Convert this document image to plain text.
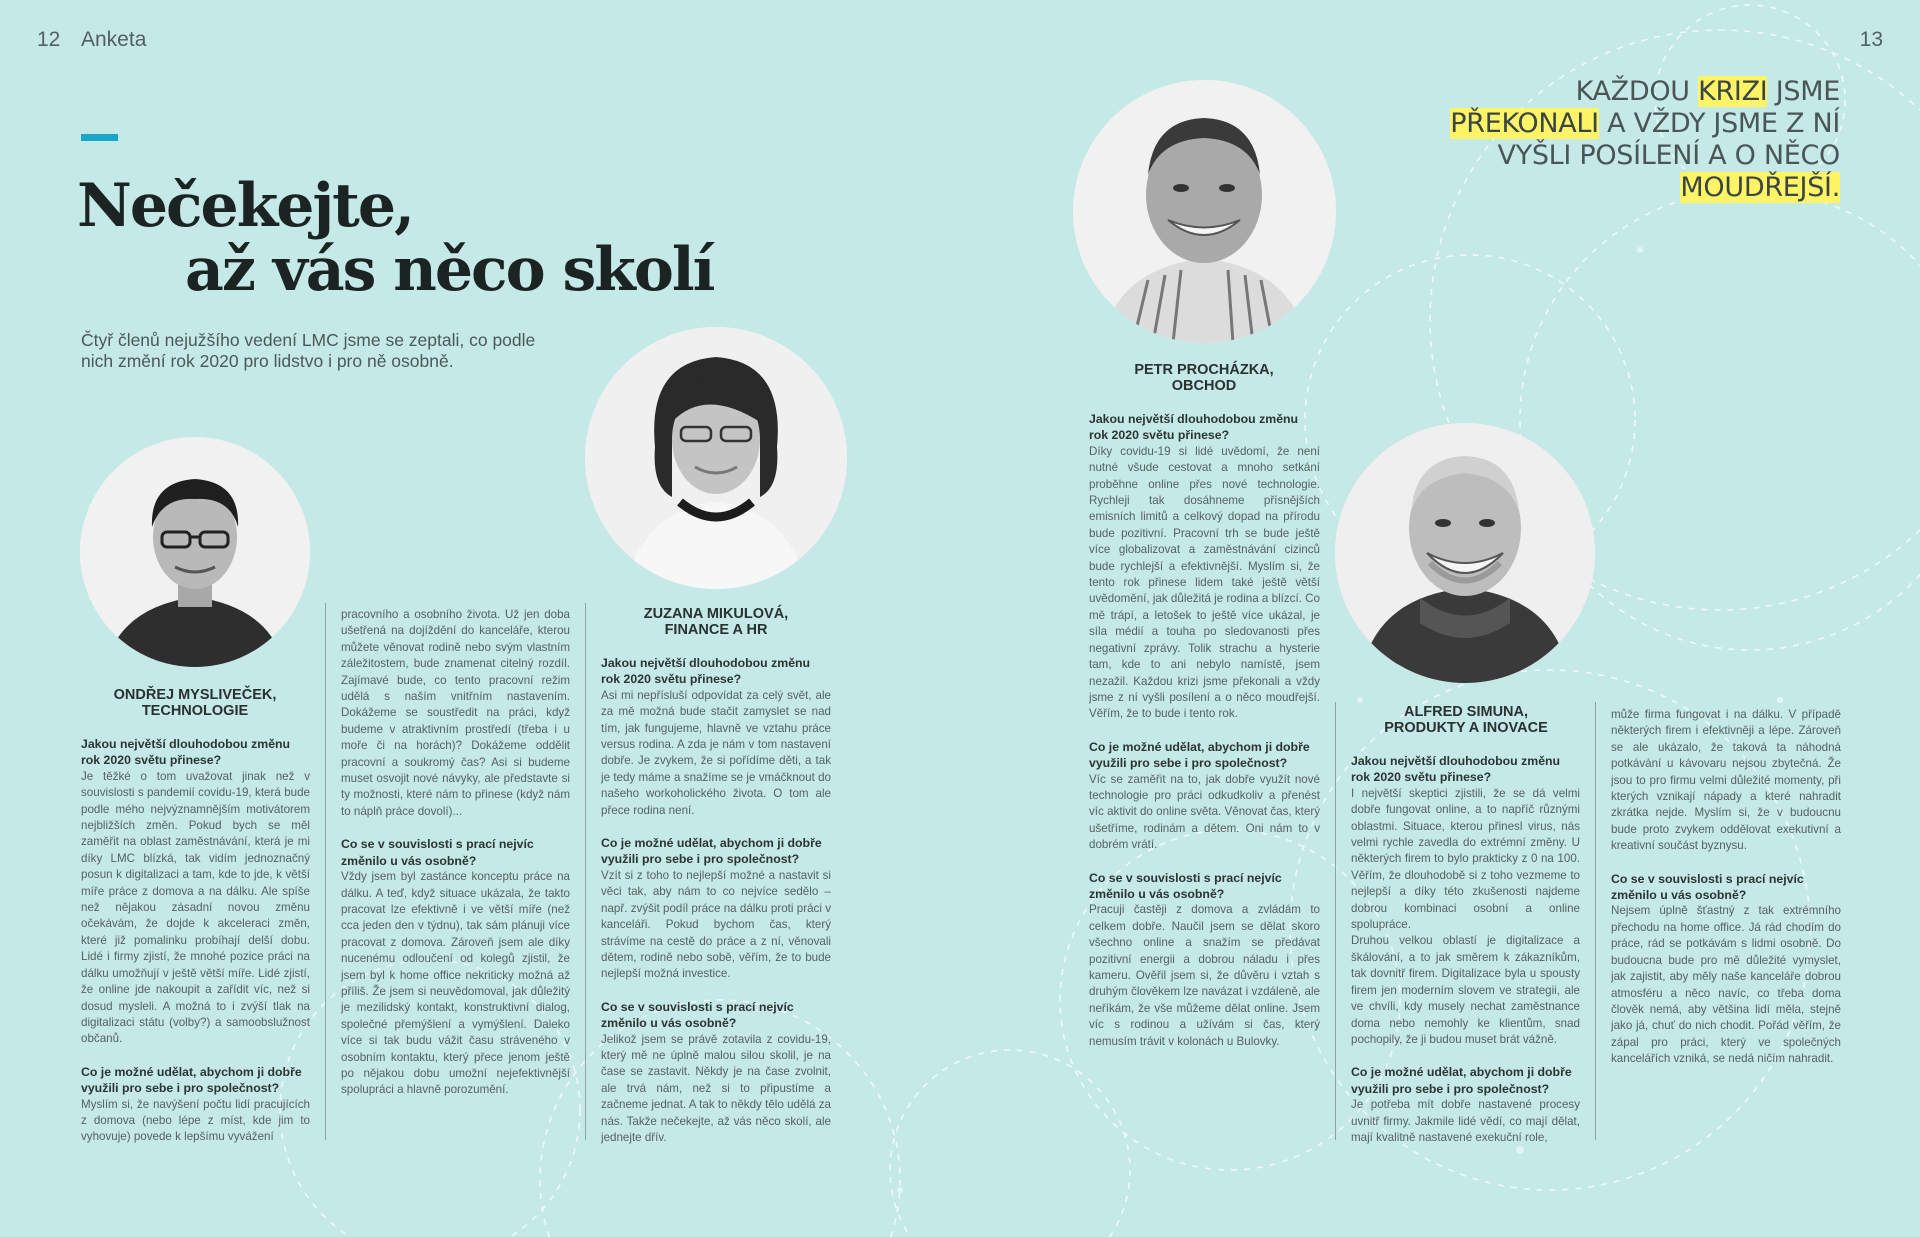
12 Anketa	13
Nečekejte,
až vás něco skolí
Čtyř členů nejužšího vedení LMC jsme se zeptali, co podle
nich změní rok 2020 pro lidstvo i pro ně osobně.
ONDŘEJ MYSLIVEČEK,
TECHNOLOGIE
ZUZANA MIKULOVÁ,
FINANCE A HR
PETR PROCHÁZKA,
OBCHOD
ALFRED SIMUNA,
PRODUKTY A INOVACE

Jakou největší dlouhodobou změnu rok 2020 světu přinese?

Je těžké o tom uvažovat jinak než v souvislosti s pandemií covidu-19, která bude podle mého nejvýznamnějším motivátorem nejbližších změn. Pokud bych se měl zaměřit na oblast zaměstnávání, která je mi díky LMC blízká, tak vidím jednoznačný posun k digitalizaci a tam, kde to jde, k větší míře práce z domova a na dálku. Ale spíše než nějakou zásadní novou změnu očekávám, že dojde k akceleraci změn, které již pomalinku probíhají delší dobu. Lidé i firmy zjistí, že mnohé pozice práci na dálku umožňují v ještě větší míře. Lidé zjistí, že online jde nakoupit a zařídit víc, než si dosud mysleli. A možná to i zvýší tlak na digitalizaci státu (volby?) a samoobslužnost občanů.

Co je možné udělat, abychom ji dobře využili pro sebe i pro společnost?

Myslím si, že navýšení počtu lidí pracujících z domova (nebo lépe z míst, kde jim to vyhovuje) povede k lepšímu vyvážení

pracovního a osobního života. Už jen doba ušetřená na dojíždění do kanceláře, kterou můžete věnovat rodině nebo svým vlastním záležitostem, bude znamenat citelný rozdíl. Zajímavé bude, co tento pracovní režim udělá s naším vnitřním nastavením. Dokážeme se soustředit na práci, když budeme v atraktivním prostředí (třeba i u moře či na horách)? Dokážeme oddělit pracovní a soukromý čas? Asi si budeme muset osvojit nové návyky, ale představte si ty možnosti, které nám to přinese (když nám to náplň práce dovolí)...

Co se v souvislosti s prací nejvíc změnilo u vás osobně?

Vždy jsem byl zastánce konceptu práce na dálku. A teď, když situace ukázala, že takto pracovat lze efektivně i ve větší míře (než cca jeden den v týdnu), tak sám plánuji více pracovat z domova. Zároveň jsem ale díky nucenému odloučení od kolegů zjistil, že jsem byl k home office nekriticky možná až příliš. Že jsem si neuvědomoval, jak důležitý je mezilidský kontakt, konstruktivní dialog, společné přemýšlení a vymýšlení. Daleko více si tak budu vážit času stráveného v osobním kontaktu, který přece jenom ještě po nějakou dobu umožní nejefektivnější spolupráci a hlavně porozumění.

Jakou největší dlouhodobou změnu rok 2020 světu přinese?

Asi mi nepřísluší odpovídat za celý svět, ale za mě možná bude stačit zamyslet se nad tím, jak fungujeme, hlavně ve vztahu práce versus rodina. A zda je nám v tom nastavení dobře. Je zvykem, že si pořídíme děti, a tak je tedy máme a snažíme se je vmáčknout do našeho workoholického života. O tom ale přece rodina není.

Co je možné udělat, abychom ji dobře využili pro sebe i pro společnost?

Vzít si z toho to nejlepší možné a nastavit si věci tak, aby nám to co nejvíce sedělo – např. zvýšit podíl práce na dálku proti práci v kanceláři. Pokud bychom čas, který strávíme na cestě do práce a z ní, věnovali dětem, rodině nebo sobě, věřím, že to bude nejlepší možná investice.

Co se v souvislosti s prací nejvíc změnilo u vás osobně?

Jelikož jsem se právě zotavila z covidu-19, který mě ne úplně malou silou skolil, je na čase se zastavit. Někdy je na čase zvolnit, ale trvá nám, než si to připustíme a začneme jednat. A tak to někdy tělo udělá za nás. Takže nečekejte, až vás něco skolí, ale jednejte dřív.

Jakou největší dlouhodobou změnu rok 2020 světu přinese?

Díky covidu-19 si lidé uvědomí, že není nutné všude cestovat a mnoho setkání proběhne online přes nové technologie. Rychleji tak dosáhneme přísnějších emisních limitů a celkový dopad na přírodu bude pozitivní. Pracovní trh se bude ještě více globalizovat a zaměstnávání cizinců bude rychlejší a efektivnější. Myslím si, že tento rok přinese lidem také ještě větší uvědomění, jak důležitá je rodina a blízcí. Co mě trápí, a letošek to ještě více ukázal, je síla médií a touha po sledovanosti přes negativní zprávy. Tolik strachu a hysterie tam, kde to ani nebylo namístě, jsem nezažil. Každou krizi jsme překonali a vždy jsme z ní vyšli posílení a o něco moudřejší. Věřím, že to bude i tento rok.

Co je možné udělat, abychom ji dobře využili pro sebe i pro společnost?

Víc se zaměřit na to, jak dobře využít nové technologie pro práci odkudkoliv a přenést víc aktivit do online světa. Věnovat čas, který ušetříme, rodinám a dětem. Oni nám to v dobrém vrátí.

Co se v souvislosti s prací nejvíc změnilo u vás osobně?

Pracuji častěji z domova a zvládám to celkem dobře. Naučil jsem se dělat skoro všechno online a snažím se předávat pozitivní energii a dobrou náladu i přes kameru. Ověřil jsem si, že důvěru i vztah s druhým člověkem lze navázat i vzdáleně, ale neříkám, že vše můžeme dělat online. Jsem víc s rodinou a užívám si čas, který nemusím trávit v kolonách u Bulovky.

Jakou největší dlouhodobou změnu rok 2020 světu přinese?

I největší skeptici zjistili, že se dá velmi dobře fungovat online, a to napříč různými oblastmi. Situace, kterou přinesl virus, nás velmi rychle zavedla do extrémní změny. U některých firem to bylo prakticky z 0 na 100. Věřím, že dlouhodobě si z toho vezmeme to nejlepší a díky této zkušenosti najdeme dobrou kombinaci osobní a online spolupráce.

Druhou velkou oblastí je digitalizace a škálování, a to jak směrem k zákazníkům, tak dovnitř firem. Digitalizace byla u spousty firem jen moderním slovem ve strategii, ale ve chvíli, kdy musely nechat zaměstnance doma nebo nemohly ke klientům, snad pochopily, že ji budou muset brát vážně.

Co je možné udělat, abychom ji dobře využili pro sebe i pro společnost?

Je potřeba mít dobře nastavené procesy uvnitř firmy. Jakmile lidé vědí, co mají dělat, mají kvalitně nastavené exekuční role,

může firma fungovat i na dálku. V případě některých firem i efektivněji a lépe. Zároveň se ale ukázalo, že taková ta náhodná potkávání u kávovaru nejsou zbytečná. Že jsou to pro firmu velmi důležité momenty, při kterých vznikají nápady a které nahradit zkrátka nejde. Myslím si, že v budoucnu bude proto zvykem oddělovat exekutivní a kreativní součást byznysu.

Co se v souvislosti s prací nejvíc změnilo u vás osobně?

Nejsem úplně šťastný z tak extrémního přechodu na home office. Já rád chodím do práce, rád se potkávám s lidmi osobně. Do budoucna bude pro mě důležité vymyslet, jak zajistit, aby měly naše kanceláře dobrou atmosféru a něco navíc, co třeba doma člověk nemá, aby většina lidí měla, stejně jako já, chuť do nich chodit. Pořád věřím, že zápal pro práci, který ve společných kancelářích vzniká, se nedá ničím nahradit.

KAŽDOU KRIZI JSME
PŘEKONALI A VŽDY JSME Z NÍ
VYŠLI POSÍLENÍ A O NĚCO
MOUDŘEJŠÍ.
